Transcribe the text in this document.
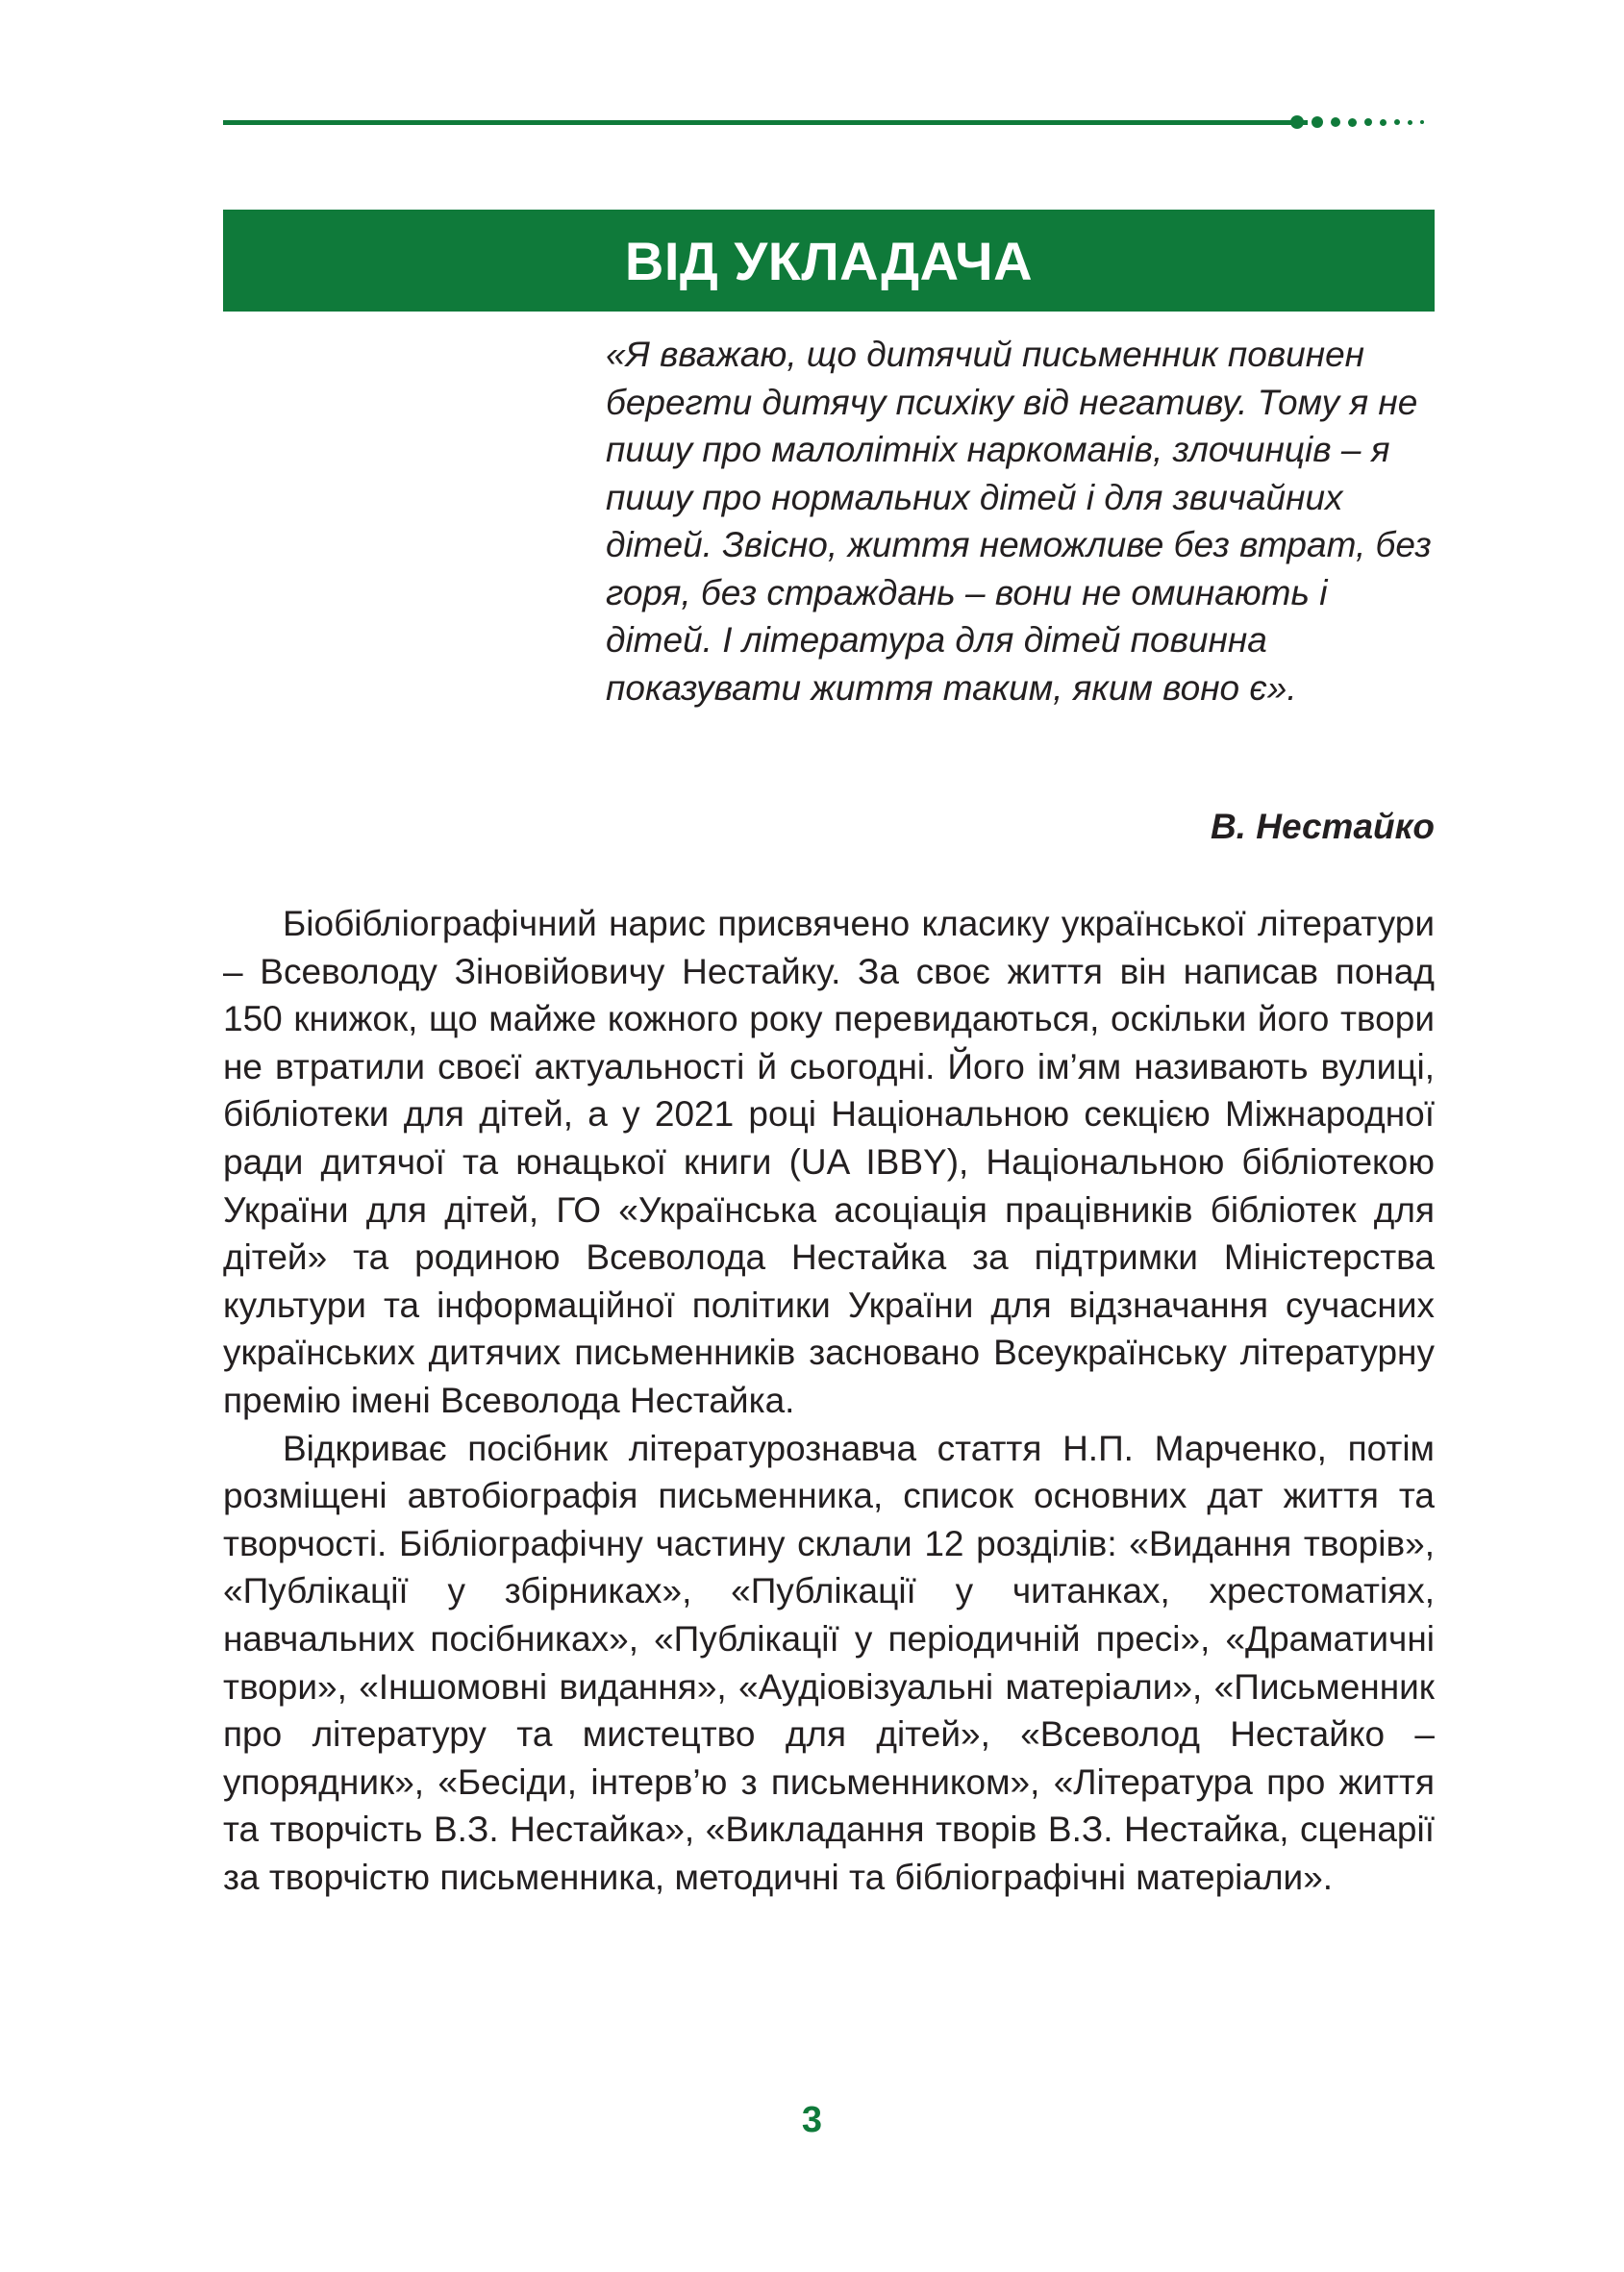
ВІД УКЛАДАЧА
«Я вважаю, що дитячий письменник повинен берегти дитячу психіку від негативу. Тому я не пишу про малолітніх наркоманів, злочинців – я пишу про нормальних дітей і для звичайних дітей. Звісно, життя неможливе без втрат, без горя, без страждань – вони не оминають і дітей. І література для дітей повинна показувати життя таким, яким воно є».
В. Нестайко

Біобібліографічний нарис присвячено класику української літератури – Всеволоду Зіновійовичу Нестайку. За своє життя він написав понад 150 книжок, що майже кожного року перевидаються, оскільки його твори не втратили своєї актуальності й сьогодні. Його ім’ям називають вулиці, бібліотеки для дітей, а у 2021 році Національною секцією Міжнародної ради дитячої та юнацької книги (UA IBBY), Національною бібліотекою України для дітей, ГО «Українська асоціація працівників бібліотек для дітей» та родиною Всеволода Нестайка за підтримки Міністерства культури та інформаційної політики України для відзначання сучасних українських дитячих письменників засновано Всеукраїнську літературну премію імені Всеволода Нестайка.

Відкриває посібник літературознавча стаття Н.П. Марченко, потім розміщені автобіографія письменника, список основних дат життя та творчості. Бібліографічну частину склали 12 розділів: «Видання творів», «Публікації у збірниках», «Публікації у читанках, хрестоматіях, навчальних посібниках», «Публікації у періодичній пресі», «Драматичні твори», «Іншомовні видання», «Аудіовізуальні матеріали», «Письменник про літературу та мистецтво для дітей», «Всеволод Нестайко – упорядник», «Бесіди, інтерв’ю з письменником», «Література про життя та творчість В.З. Нестайка», «Викладання творів В.З. Нестайка, сценарії за творчістю письменника, методичні та бібліографічні матеріали».

3
